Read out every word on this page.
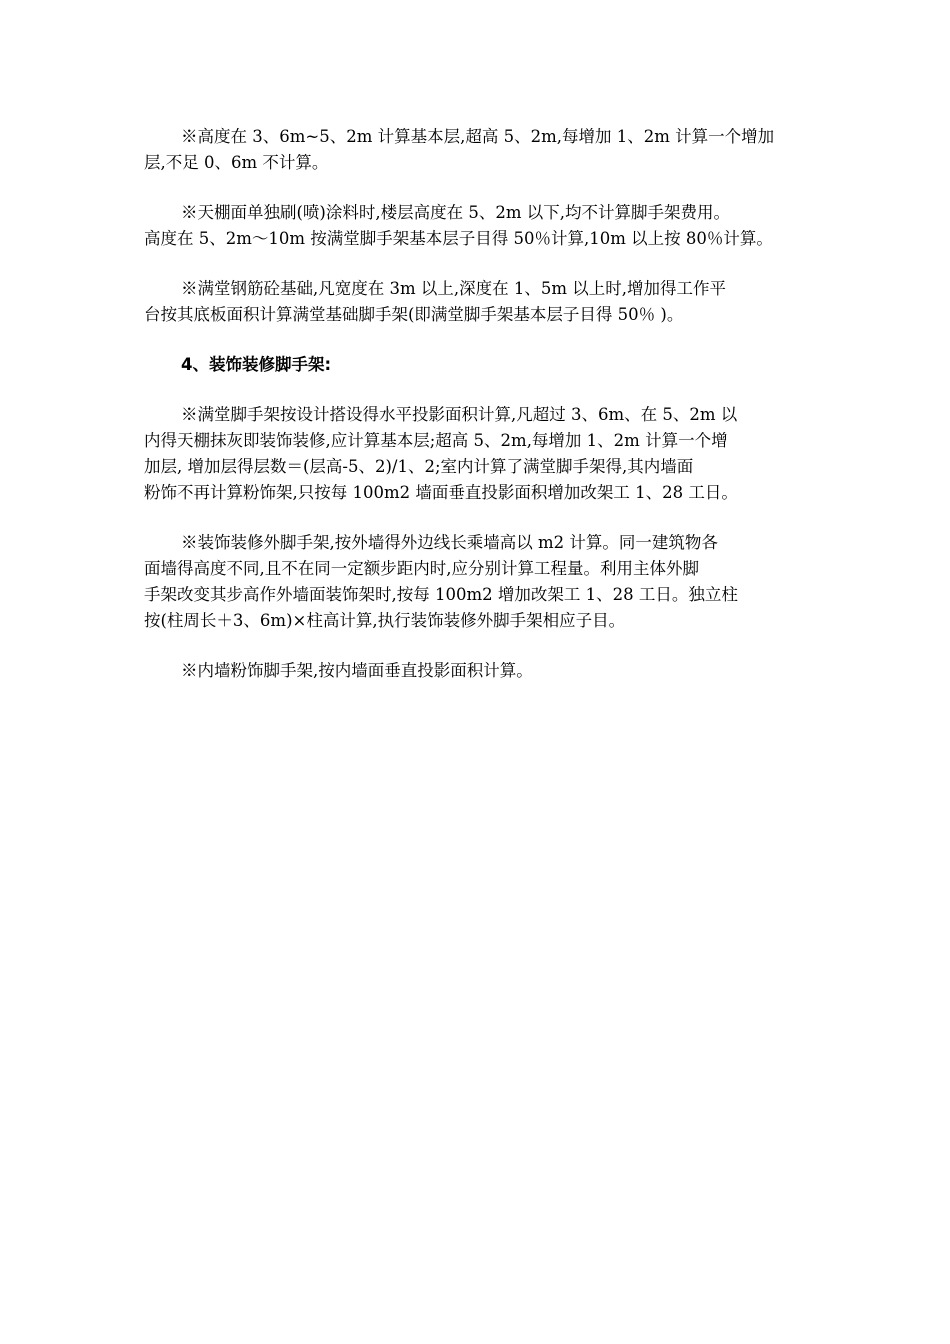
※高度在 3、6m~5、2m 计算基本层,超高 5、2m,每增加 1、2m 计算一个增加
层,不足 0、6m 不计算。

※天棚面单独刷(喷)涂料时,楼层高度在 5、2m 以下,均不计算脚手架费用。
高度在 5、2m～10m 按满堂脚手架基本层子目得 50％计算,10m 以上按 80％计算。

※满堂钢筋砼基础,凡宽度在 3m 以上,深度在 1、5m 以上时,增加得工作平
台按其底板面积计算满堂基础脚手架(即满堂脚手架基本层子目得 50％ )。

4、装饰装修脚手架:

※满堂脚手架按设计搭设得水平投影面积计算,凡超过 3、6m、在 5、2m 以
内得天棚抹灰即装饰装修,应计算基本层;超高 5、2m,每增加 1、2m 计算一个增
加层, 增加层得层数＝(层高-5、2)/1、2;室内计算了满堂脚手架得,其内墙面
粉饰不再计算粉饰架,只按每 100m2 墙面垂直投影面积增加改架工 1、28 工日。

※装饰装修外脚手架,按外墙得外边线长乘墙高以 m2 计算。同一建筑物各
面墙得高度不同,且不在同一定额步距内时,应分别计算工程量。利用主体外脚
手架改变其步高作外墙面装饰架时,按每 100m2 增加改架工 1、28 工日。独立柱
按(柱周长＋3、6m)×柱高计算,执行装饰装修外脚手架相应子目。

※内墙粉饰脚手架,按内墙面垂直投影面积计算。
